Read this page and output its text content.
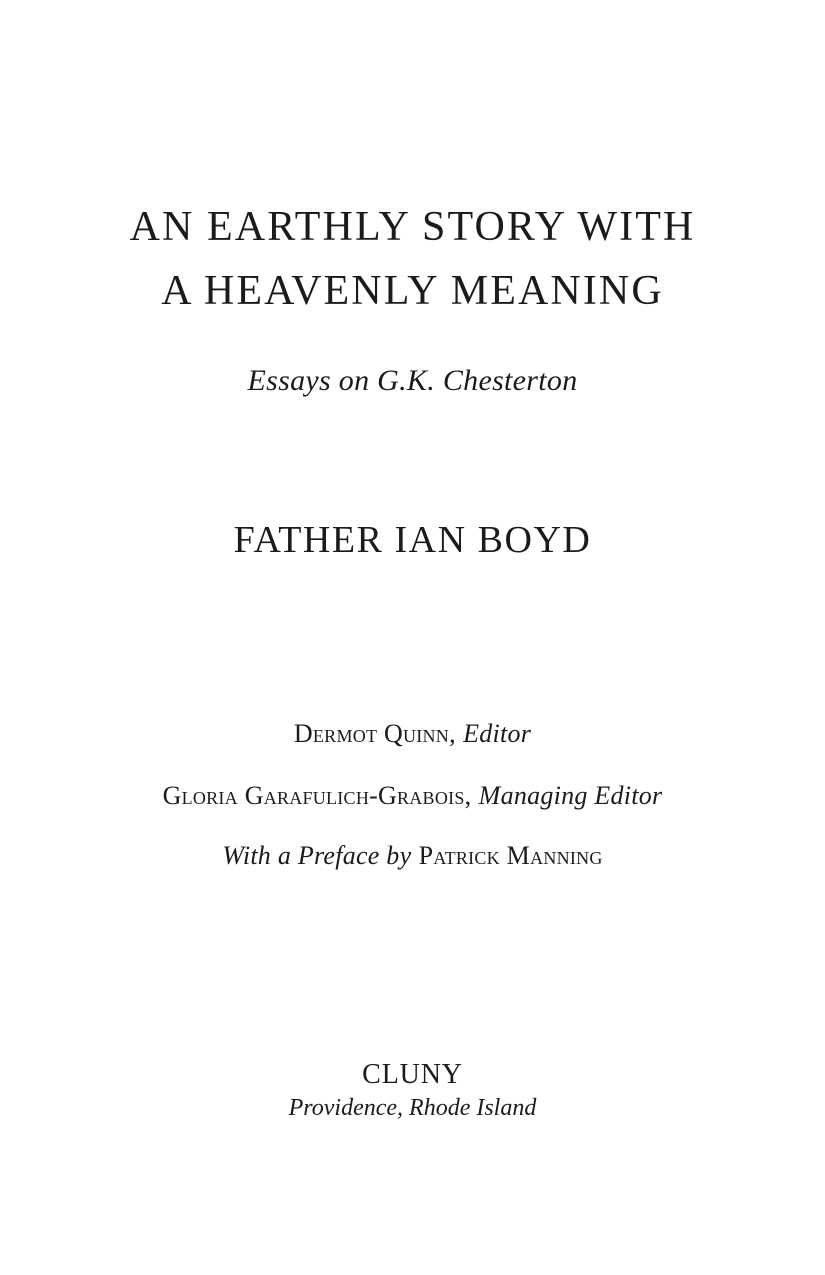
AN EARTHLY STORY WITH
A HEAVENLY MEANING
Essays on G.K. Chesterton
FATHER IAN BOYD
Dermot Quinn, Editor
Gloria Garafulich-Grabois, Managing Editor
With a Preface by Patrick Manning
CLUNY
Providence, Rhode Island
